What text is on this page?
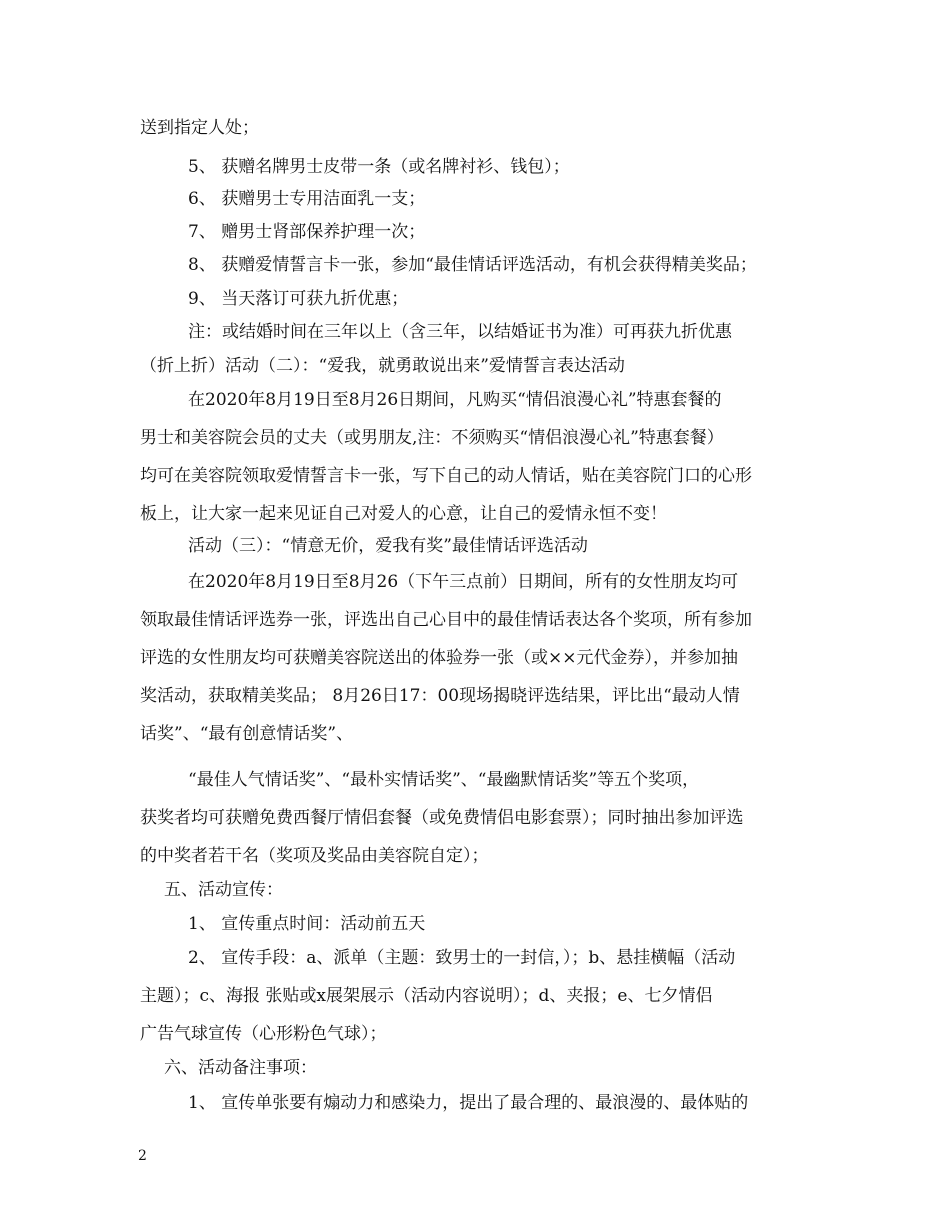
送到指定人处；
5、 获赠名牌男士皮带一条（或名牌衬衫、钱包）；
6、 获赠男士专用洁面乳一支；
7、 赠男士肾部保养护理一次；
8、 获赠爱情誓言卡一张，参加“最佳情话评选活动，有机会获得精美奖品；
9、 当天落订可获九折优惠；
注：或结婚时间在三年以上（含三年，以结婚证书为准）可再获九折优惠
（折上折）活动（二）：“爱我，就勇敢说出来”爱情誓言表达活动
在2020年8月19日至8月26日期间，凡购买“情侣浪漫心礼”特惠套餐的
男士和美容院会员的丈夫（或男朋友,注：不须购买“情侣浪漫心礼”特惠套餐）
均可在美容院领取爱情誓言卡一张，写下自己的动人情话，贴在美容院门口的心形
板上，让大家一起来见证自己对爱人的心意，让自己的爱情永恒不变！
活动（三）：“情意无价，爱我有奖”最佳情话评选活动
在2020年8月19日至8月26（下午三点前）日期间，所有的女性朋友均可
领取最佳情话评选券一张，评选出自己心目中的最佳情话表达各个奖项，所有参加
评选的女性朋友均可获赠美容院送出的体验券一张（或××元代金券），并参加抽
奖活动，获取精美奖品； 8月26日17：00现场揭晓评选结果，评比出“最动人情
话奖”、“最有创意情话奖”、
“最佳人气情话奖”、“最朴实情话奖”、“最幽默情话奖”等五个奖项，
获奖者均可获赠免费西餐厅情侣套餐（或免费情侣电影套票）；同时抽出参加评选
的中奖者若干名（奖项及奖品由美容院自定）；
五、活动宣传：
1、 宣传重点时间：活动前五天
2、 宣传手段：a、派单（主题：致男士的一封信，）；b、悬挂横幅（活动
主题）；c、海报 张贴或x展架展示（活动内容说明）；d、夹报；e、七夕情侣
广告气球宣传（心形粉色气球）；
六、活动备注事项：
1、 宣传单张要有煽动力和感染力，提出了最合理的、最浪漫的、最体贴的
2
